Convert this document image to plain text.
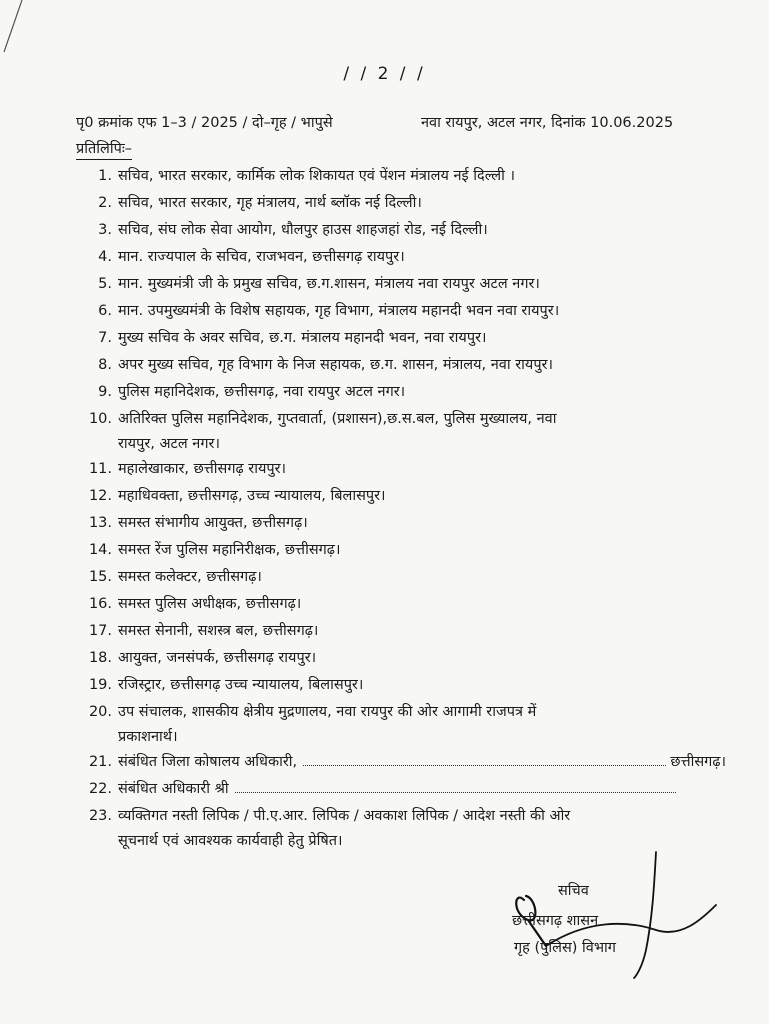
/ / 2 / /
पृ0 क्रमांक एफ 1–3 / 2025 / दो–गृह / भापुसे	नवा रायपुर, अटल नगर, दिनांक 10.06.2025
प्रतिलिपिः–
1. सचिव, भारत सरकार, कार्मिक लोक शिकायत एवं पेंशन मंत्रालय नई दिल्ली ।
2. सचिव, भारत सरकार, गृह मंत्रालय, नार्थ ब्लॉक नई दिल्ली।
3. सचिव, संघ लोक सेवा आयोग, धौलपुर हाउस शाहजहां रोड, नई दिल्ली।
4. मान. राज्यपाल के सचिव, राजभवन, छत्तीसगढ़ रायपुर।
5. मान. मुख्यमंत्री जी के प्रमुख सचिव, छ.ग.शासन, मंत्रालय नवा रायपुर अटल नगर।
6. मान. उपमुख्यमंत्री के विशेष सहायक, गृह विभाग, मंत्रालय महानदी भवन नवा रायपुर।
7. मुख्य सचिव के अवर सचिव, छ.ग. मंत्रालय महानदी भवन, नवा रायपुर।
8. अपर मुख्य सचिव, गृह विभाग के निज सहायक, छ.ग. शासन, मंत्रालय, नवा रायपुर।
9. पुलिस महानिदेशक, छत्तीसगढ़, नवा रायपुर अटल नगर।
10. अतिरिक्त पुलिस महानिदेशक, गुप्तवार्ता, (प्रशासन),छ.स.बल, पुलिस मुख्यालय, नवा
रायपुर, अटल नगर।
11. महालेखाकार, छत्तीसगढ़ रायपुर।
12. महाधिवक्ता, छत्तीसगढ़, उच्च न्यायालय, बिलासपुर।
13. समस्त संभागीय आयुक्त, छत्तीसगढ़।
14. समस्त रेंज पुलिस महानिरीक्षक, छत्तीसगढ़।
15. समस्त कलेक्टर, छत्तीसगढ़।
16. समस्त पुलिस अधीक्षक, छत्तीसगढ़।
17. समस्त सेनानी, सशस्त्र बल, छत्तीसगढ़।
18. आयुक्त, जनसंपर्क, छत्तीसगढ़ रायपुर।
19. रजिस्ट्रार, छत्तीसगढ़ उच्च न्यायालय, बिलासपुर।
20. उप संचालक, शासकीय क्षेत्रीय मुद्रणालय, नवा रायपुर की ओर आगामी राजपत्र में
प्रकाशनार्थ।
21. संबंधित जिला कोषालय अधिकारी,	छत्तीसगढ़।
22. संबंधित अधिकारी श्री
23. व्यक्तिगत नस्ती लिपिक / पी.ए.आर. लिपिक / अवकाश लिपिक / आदेश नस्ती की ओर
सूचनार्थ एवं आवश्यक कार्यवाही हेतु प्रेषित।
सचिव
छत्तीसगढ़ शासन
गृह (पुलिस) विभाग
